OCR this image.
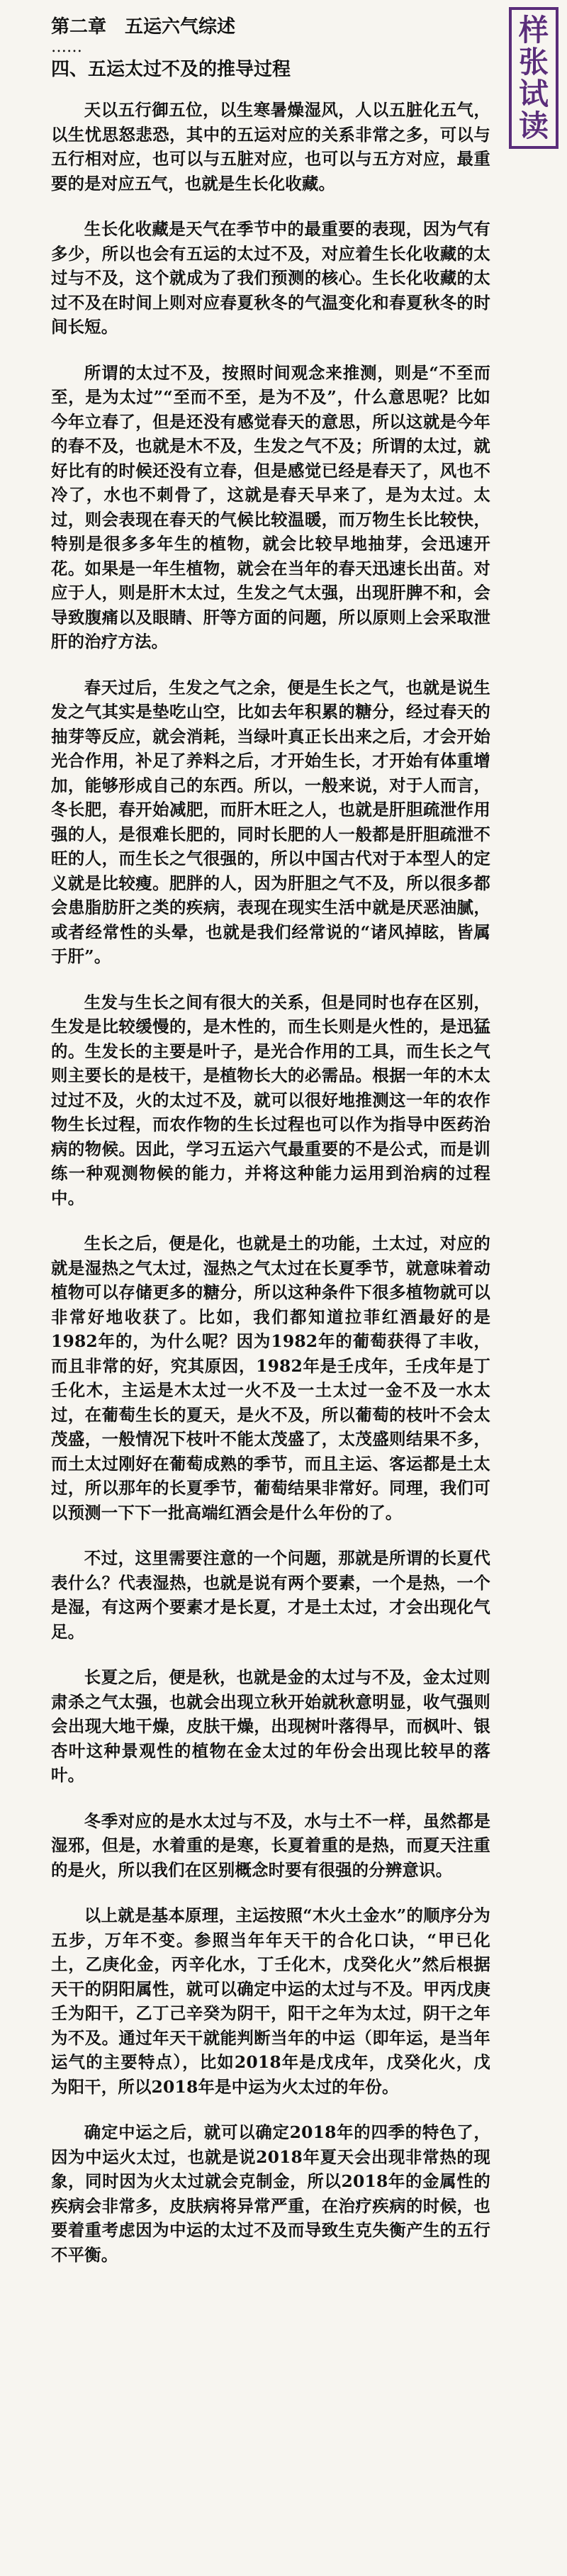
样
张
试
读

第二章　五运六气综述

……

四、五运太过不及的推导过程

天以五行御五位，以生寒暑燥湿风，人以五脏化五气，以生忧思怒悲恐，其中的五运对应的关系非常之多，可以与五行相对应，也可以与五脏对应，也可以与五方对应，最重要的是对应五气，也就是生长化收藏。

生长化收藏是天气在季节中的最重要的表现，因为气有多少，所以也会有五运的太过不及，对应着生长化收藏的太过与不及，这个就成为了我们预测的核心。生长化收藏的太过不及在时间上则对应春夏秋冬的气温变化和春夏秋冬的时间长短。

所谓的太过不及，按照时间观念来推测，则是“不至而至，是为太过”“至而不至，是为不及”，什么意思呢？比如今年立春了，但是还没有感觉春天的意思，所以这就是今年的春不及，也就是木不及，生发之气不及；所谓的太过，就好比有的时候还没有立春，但是感觉已经是春天了，风也不冷了，水也不刺骨了，这就是春天早来了，是为太过。太过，则会表现在春天的气候比较温暖，而万物生长比较快，特别是很多多年生的植物，就会比较早地抽芽，会迅速开花。如果是一年生植物，就会在当年的春天迅速长出苗。对应于人，则是肝木太过，生发之气太强，出现肝脾不和，会导致腹痛以及眼睛、肝等方面的问题，所以原则上会采取泄肝的治疗方法。

春天过后，生发之气之余，便是生长之气，也就是说生发之气其实是垫吃山空，比如去年积累的糖分，经过春天的抽芽等反应，就会消耗，当绿叶真正长出来之后，才会开始光合作用，补足了养料之后，才开始生长，才开始有体重增加，能够形成自己的东西。所以，一般来说，对于人而言，冬长肥，春开始减肥，而肝木旺之人，也就是肝胆疏泄作用强的人，是很难长肥的，同时长肥的人一般都是肝胆疏泄不旺的人，而生长之气很强的，所以中国古代对于本型人的定义就是比较瘦。肥胖的人，因为肝胆之气不及，所以很多都会患脂肪肝之类的疾病，表现在现实生活中就是厌恶油腻，或者经常性的头晕，也就是我们经常说的“诸风掉眩，皆属于肝”。

生发与生长之间有很大的关系，但是同时也存在区别，生发是比较缓慢的，是木性的，而生长则是火性的，是迅猛的。生发长的主要是叶子，是光合作用的工具，而生长之气则主要长的是枝干，是植物长大的必需品。根据一年的木太过过不及，火的太过不及，就可以很好地推测这一年的农作物生长过程，而农作物的生长过程也可以作为指导中医药治病的物候。因此，学习五运六气最重要的不是公式，而是训练一种观测物候的能力，并将这种能力运用到治病的过程中。

生长之后，便是化，也就是土的功能，土太过，对应的就是湿热之气太过，湿热之气太过在长夏季节，就意味着动植物可以存储更多的糖分，所以这种条件下很多植物就可以非常好地收获了。比如，我们都知道拉菲红酒最好的是1982年的，为什么呢？因为1982年的葡萄获得了丰收，而且非常的好，究其原因，1982年是壬戌年，壬戌年是丁壬化木，主运是木太过一火不及一土太过一金不及一水太过，在葡萄生长的夏天，是火不及，所以葡萄的枝叶不会太茂盛，一般情况下枝叶不能太茂盛了，太茂盛则结果不多，而土太过刚好在葡萄成熟的季节，而且主运、客运都是土太过，所以那年的长夏季节，葡萄结果非常好。同理，我们可以预测一下下一批高端红酒会是什么年份的了。

不过，这里需要注意的一个问题，那就是所谓的长夏代表什么？代表湿热，也就是说有两个要素，一个是热，一个是湿，有这两个要素才是长夏，才是土太过，才会出现化气足。

长夏之后，便是秋，也就是金的太过与不及，金太过则肃杀之气太强，也就会出现立秋开始就秋意明显，收气强则会出现大地干燥，皮肤干燥，出现树叶落得早，而枫叶、银杏叶这种景观性的植物在金太过的年份会出现比较早的落叶。

冬季对应的是水太过与不及，水与土不一样，虽然都是湿邪，但是，水着重的是寒，长夏着重的是热，而夏天注重的是火，所以我们在区别概念时要有很强的分辨意识。

以上就是基本原理，主运按照“木火土金水”的顺序分为五步，万年不变。参照当年年天干的合化口诀，“甲已化土，乙庚化金，丙辛化水，丁壬化木，戊癸化火”然后根据天干的阴阳属性，就可以确定中运的太过与不及。甲丙戊庚壬为阳干，乙丁己辛癸为阴干，阳干之年为太过，阴干之年为不及。通过年天干就能判断当年的中运（即年运，是当年运气的主要特点），比如2018年是戊戌年，戊癸化火，戊为阳干，所以2018年是中运为火太过的年份。

确定中运之后，就可以确定2018年的四季的特色了，因为中运火太过，也就是说2018年夏天会出现非常热的现象，同时因为火太过就会克制金，所以2018年的金属性的疾病会非常多，皮肤病将异常严重，在治疗疾病的时候，也要着重考虑因为中运的太过不及而导致生克失衡产生的五行不平衡。
